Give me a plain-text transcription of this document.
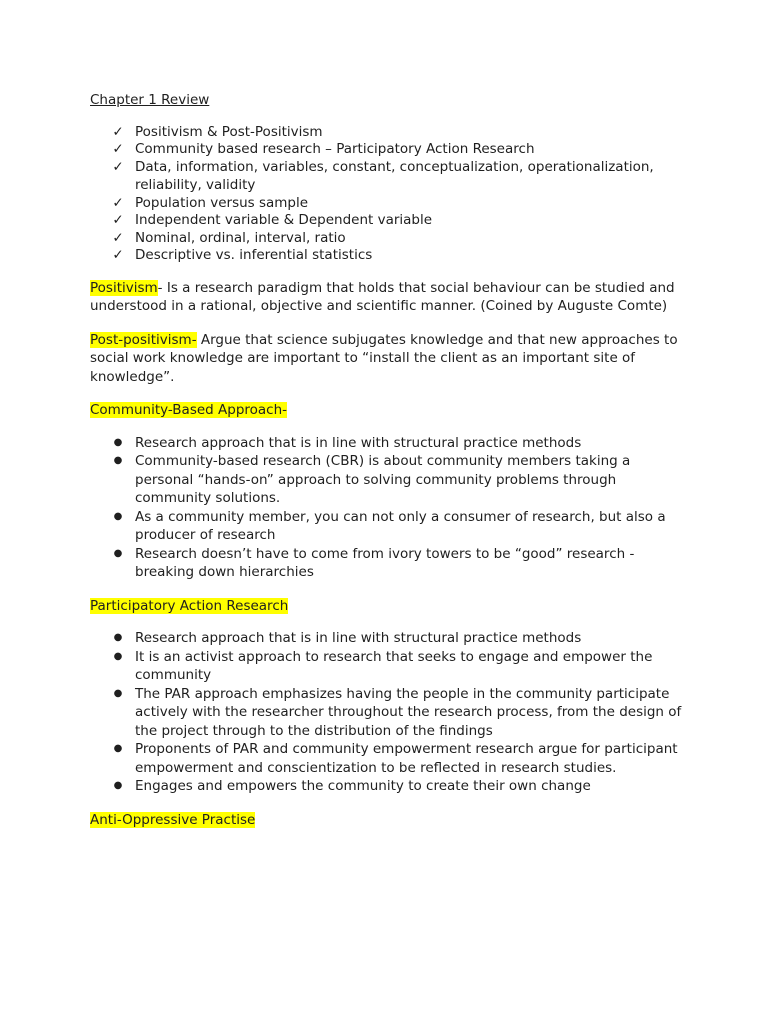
Chapter 1 Review
✓ Positivism & Post-Positivism
✓ Community based research – Participatory Action Research
✓ Data, information, variables, constant, conceptualization, operationalization, reliability, validity
✓ Population versus sample
✓ Independent variable & Dependent variable
✓ Nominal, ordinal, interval, ratio
✓ Descriptive vs. inferential statistics

Positivism- Is a research paradigm that holds that social behaviour can be studied and understood in a rational, objective and scientific manner. (Coined by Auguste Comte)

Post-positivism- Argue that science subjugates knowledge and that new approaches to social work knowledge are important to “install the client as an important site of knowledge”.

Community-Based Approach-
● Research approach that is in line with structural practice methods
● Community-based research (CBR) is about community members taking a personal “hands-on” approach to solving community problems through community solutions.
● As a community member, you can not only a consumer of research, but also a producer of research
● Research doesn’t have to come from ivory towers to be “good” research - breaking down hierarchies
Participatory Action Research
● Research approach that is in line with structural practice methods
● It is an activist approach to research that seeks to engage and empower the community
● The PAR approach emphasizes having the people in the community participate actively with the researcher throughout the research process, from the design of the project through to the distribution of the findings
● Proponents of PAR and community empowerment research argue for participant empowerment and conscientization to be reflected in research studies.
● Engages and empowers the community to create their own change
Anti-Oppressive Practise
